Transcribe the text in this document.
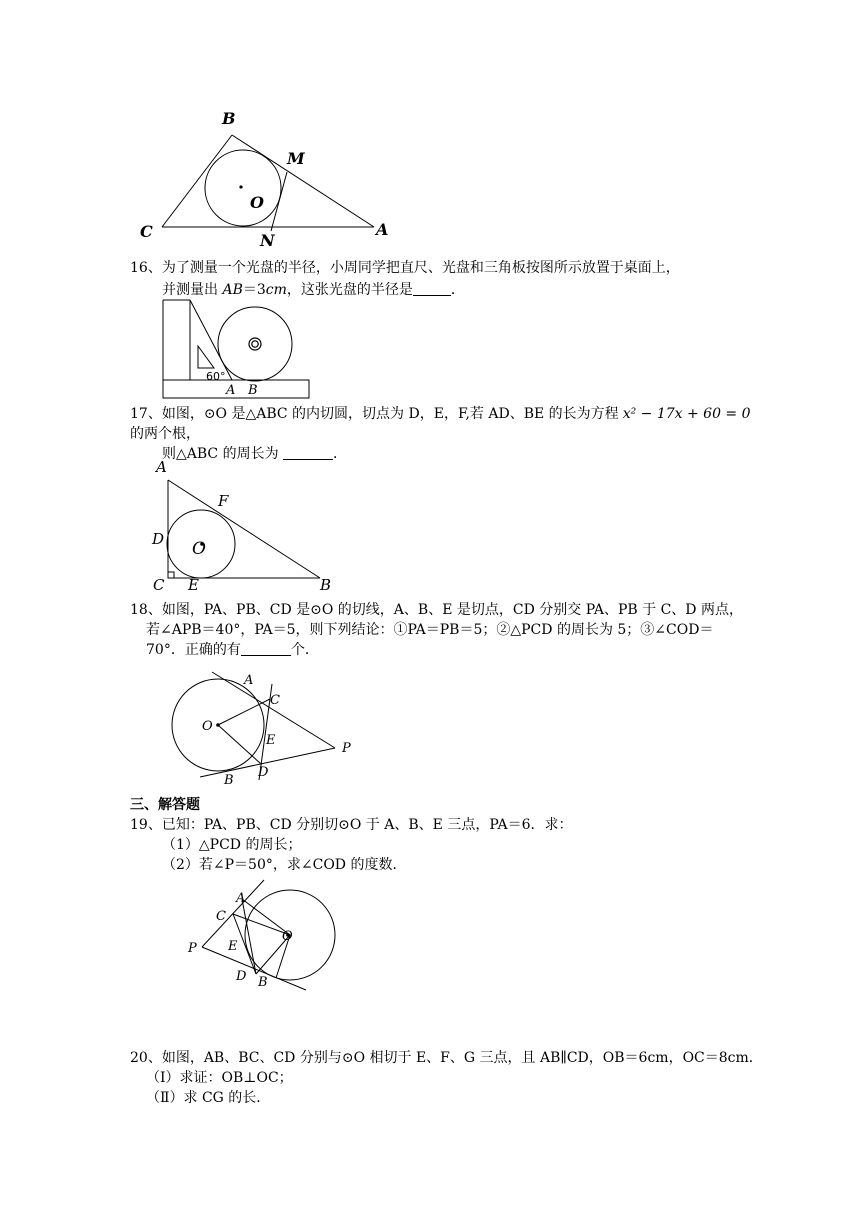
B
M
O
C	N
A
16、为了测量一个光盘的半径，小周同学把直尺、光盘和三角板按图所示放置于桌面上，
并测量出 AB＝3cm，这张光盘的半径是	．
60°
A B
17、如图，⊙O 是△ABC 的内切圆，切点为 D，E，F,若 AD、BE 的长为方程 x² − 17x + 60 = 0
的两个根，
则△ABC 的周长为	．
A
F
D O
C E	B
18、如图，PA、PB、CD 是⊙O 的切线，A、B、E 是切点，CD 分别交 PA、PB 于 C、D 两点，
若∠APB＝40°，PA＝5，则下列结论：①PA＝PB＝5；②△PCD 的周长为 5；③∠COD＝
70°．正确的有	个．
A
C
O
E
P
B
D
三、解答题
19、已知：PA、PB、CD 分别切⊙O 于 A、B、E 三点，PA＝6．求：
（1）△PCD 的周长；
（2）若∠P＝50°，求∠COD 的度数．
A
C
O
P E
D B
20、如图，AB、BC、CD 分别与⊙O 相切于 E、F、G 三点，且 AB∥CD，OB＝6cm，OC＝8cm．
（Ⅰ）求证：OB⊥OC；
（Ⅱ）求 CG 的长．
